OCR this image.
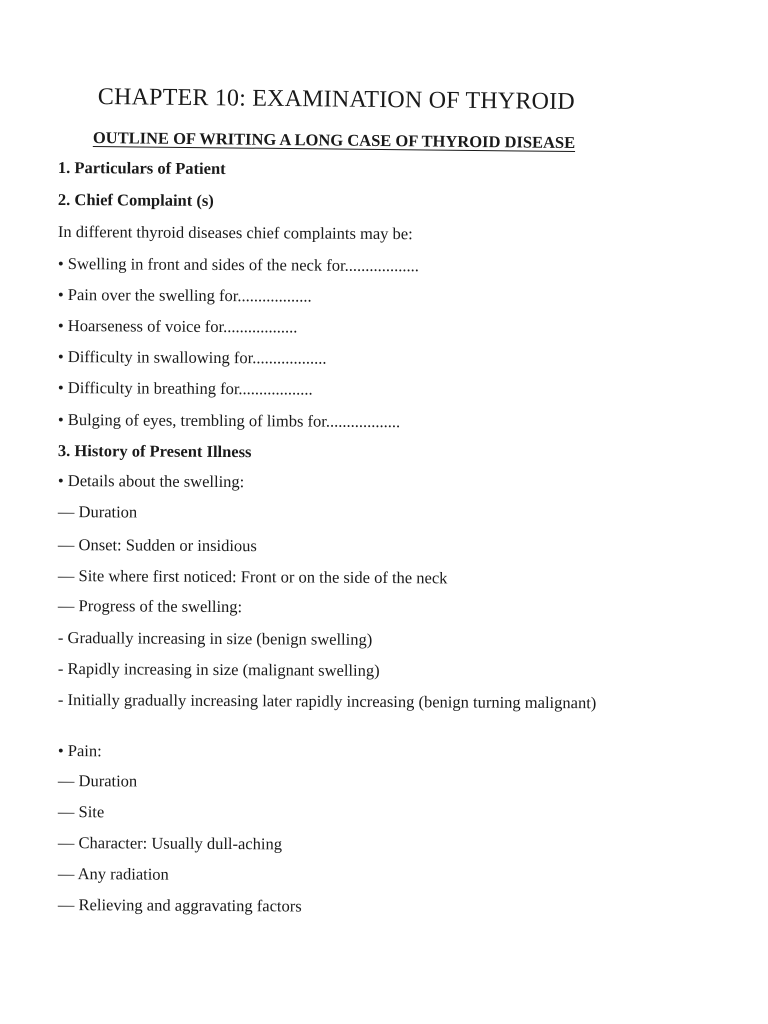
CHAPTER 10: EXAMINATION OF THYROID
OUTLINE OF WRITING A LONG CASE OF THYROID DISEASE

1. Particulars of Patient

2. Chief Complaint (s)

In different thyroid diseases chief complaints may be:

• Swelling in front and sides of the neck for..................

• Pain over the swelling for..................

• Hoarseness of voice for..................

• Difficulty in swallowing for..................

• Difficulty in breathing for..................

• Bulging of eyes, trembling of limbs for..................

3. History of Present Illness

• Details about the swelling:

— Duration

— Onset: Sudden or insidious

— Site where first noticed: Front or on the side of the neck

— Progress of the swelling:

- Gradually increasing in size (benign swelling)

- Rapidly increasing in size (malignant swelling)

- Initially gradually increasing later rapidly increasing (benign turning malignant)

• Pain:

— Duration

— Site

— Character: Usually dull-aching

— Any radiation

— Relieving and aggravating factors
